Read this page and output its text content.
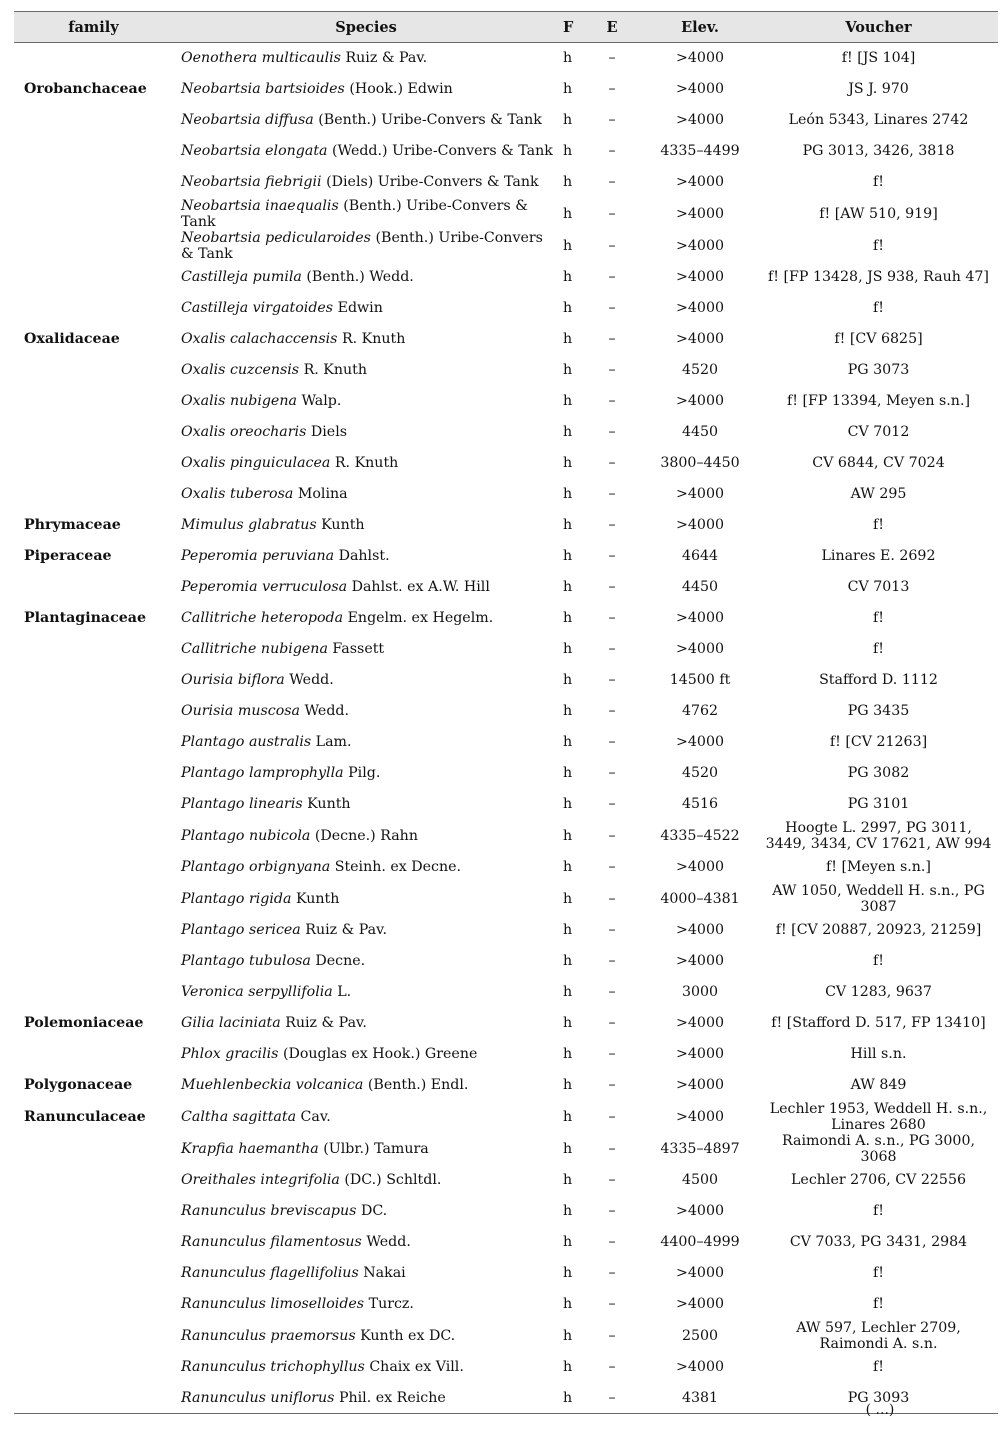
family	Species	F	E	Elev.	Voucher
	Oenothera multicaulis Ruiz & Pav.	h	–	>4000	f! [JS 104]
Orobanchaceae	Neobartsia bartsioides (Hook.) Edwin	h	–	>4000	JS J. 970
	Neobartsia diffusa (Benth.) Uribe-Convers & Tank	h	–	>4000	León 5343, Linares 2742
	Neobartsia elongata (Wedd.) Uribe-Convers & Tank	h	–	4335–4499	PG 3013, 3426, 3818
	Neobartsia fiebrigii (Diels) Uribe-Convers & Tank	h	–	>4000	f!
	Neobartsia inaequalis (Benth.) Uribe-Convers & Tank	h	–	>4000	f! [AW 510, 919]
	Neobartsia pedicularoides (Benth.) Uribe-Convers & Tank	h	–	>4000	f!
	Castilleja pumila (Benth.) Wedd.	h	–	>4000	f! [FP 13428, JS 938, Rauh 47]
	Castilleja virgatoides Edwin	h	–	>4000	f!
Oxalidaceae	Oxalis calachaccensis R. Knuth	h	–	>4000	f! [CV 6825]
	Oxalis cuzcensis R. Knuth	h	–	4520	PG 3073
	Oxalis nubigena Walp.	h	–	>4000	f! [FP 13394, Meyen s.n.]
	Oxalis oreocharis Diels	h	–	4450	CV 7012
	Oxalis pinguiculacea R. Knuth	h	–	3800–4450	CV 6844, CV 7024
	Oxalis tuberosa Molina	h	–	>4000	AW 295
Phrymaceae	Mimulus glabratus Kunth	h	–	>4000	f!
Piperaceae	Peperomia peruviana Dahlst.	h	–	4644	Linares E. 2692
	Peperomia verruculosa Dahlst. ex A.W. Hill	h	–	4450	CV 7013
Plantaginaceae	Callitriche heteropoda Engelm. ex Hegelm.	h	–	>4000	f!
	Callitriche nubigena Fassett	h	–	>4000	f!
	Ourisia biflora Wedd.	h	–	14500 ft	Stafford D. 1112
	Ourisia muscosa Wedd.	h	–	4762	PG 3435
	Plantago australis Lam.	h	–	>4000	f! [CV 21263]
	Plantago lamprophylla Pilg.	h	–	4520	PG 3082
	Plantago linearis Kunth	h	–	4516	PG 3101
	Plantago nubicola (Decne.) Rahn	h	–	4335–4522	Hoogte L. 2997, PG 3011, 3449, 3434, CV 17621, AW 994
	Plantago orbignyana Steinh. ex Decne.	h	–	>4000	f! [Meyen s.n.]
	Plantago rigida Kunth	h	–	4000–4381	AW 1050, Weddell H. s.n., PG 3087
	Plantago sericea Ruiz & Pav.	h	–	>4000	f! [CV 20887, 20923, 21259]
	Plantago tubulosa Decne.	h	–	>4000	f!
	Veronica serpyllifolia L.	h	–	3000	CV 1283, 9637
Polemoniaceae	Gilia laciniata Ruiz & Pav.	h	–	>4000	f! [Stafford D. 517, FP 13410]
	Phlox gracilis (Douglas ex Hook.) Greene	h	–	>4000	Hill s.n.
Polygonaceae	Muehlenbeckia volcanica (Benth.) Endl.	h	–	>4000	AW 849
Ranunculaceae	Caltha sagittata Cav.	h	–	>4000	Lechler 1953, Weddell H. s.n., Linares 2680
	Krapfia haemantha (Ulbr.) Tamura	h	–	4335–4897	Raimondi A. s.n., PG 3000, 3068
	Oreithales integrifolia (DC.) Schltdl.	h	–	4500	Lechler 2706, CV 22556
	Ranunculus breviscapus DC.	h	–	>4000	f!
	Ranunculus filamentosus Wedd.	h	–	4400–4999	CV 7033, PG 3431, 2984
	Ranunculus flagellifolius Nakai	h	–	>4000	f!
	Ranunculus limoselloides Turcz.	h	–	>4000	f!
	Ranunculus praemorsus Kunth ex DC.	h	–	2500	AW 597, Lechler 2709, Raimondi A. s.n.
	Ranunculus trichophyllus Chaix ex Vill.	h	–	>4000	f!
	Ranunculus uniflorus Phil. ex Reiche	h	–	4381	PG 3093
( ...)
